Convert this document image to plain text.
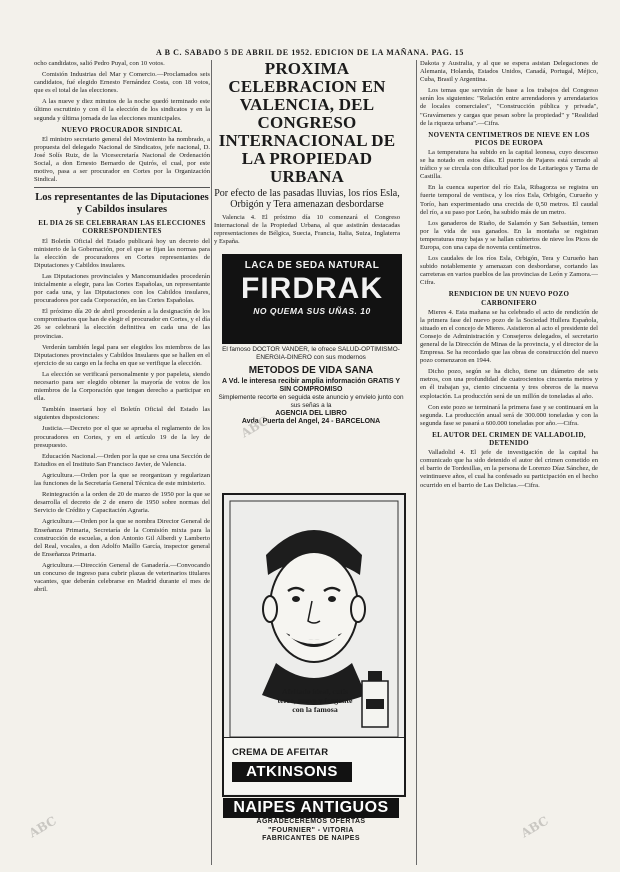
A B C. SABADO 5 DE ABRIL DE 1952. EDICION DE LA MAÑANA. PAG. 15

ocho candidatos, salió Pedro Puyal, con 10 votos.

Comisión Industrias del Mar y Comercio.—Proclamados seis candidatos, fué elegido Ernesto Fernández Costa, con 18 votos, que es el total de las elecciones.

A las nueve y diez minutos de la noche quedó terminado este último escrutinio y con él la elección de los sindicatos y en la segunda y última jornada de las elecciones municipales.

NUEVO PROCURADOR SINDICAL

El ministro secretario general del Movimiento ha nombrado, a propuesta del delegado Nacional de Sindicatos, jefe nacional, D. José Solís Ruiz, de la Vicesecretaría Nacional de Ordenación Social, a don Ernesto Bernardo de Quirós, el cual, por este motivo, pasa a ser procurador en Cortes por la Organización Sindical.

Los representantes de las Diputaciones y Cabildos insulares
EL DIA 26 SE CELEBRARAN LAS ELECCIONES CORRESPONDIENTES

El Boletín Oficial del Estado publicará hoy un decreto del ministerio de la Gobernación, por el que se fijan las normas para la elección de procuradores en Cortes representantes de Diputaciones y Cabildos insulares.

Las Diputaciones provinciales y Mancomunidades procederán inicialmente a elegir, para las Cortes Españolas, un representante por cada una, y las Diputaciones con los Cabildos insulares, procuradores por cada Corporación, en las Cortes Españolas.

El próximo día 20 de abril procederán a la designación de los compromisarios que han de elegir el procurador en Cortes, y el día 26 se celebrará la elección definitiva en cada una de las provincias.

Verderán también legal para ser elegidos los miembros de las Diputaciones provinciales y Cabildos Insulares que se hallen en el ejercicio de su cargo en la fecha en que se verifique la elección.

La elección se verificará personalmente y por papeleta, siendo necesario para ser elegido obtener la mayoría de votos de los miembros de la Corporación que tengan derecho a participar en ella.

También insertará hoy el Boletín Oficial del Estado las siguientes disposiciones:

Justicia.—Decreto por el que se aprueba el reglamento de los procuradores en Cortes, y en el artículo 19 de la ley de presupuesto.

Educación Nacional.—Orden por la que se crea una Sección de Estudios en el Instituto San Francisco Javier, de Valencia.

Agricultura.—Orden por la que se reorganizan y regularizan las funciones de la Secretaría General Técnica de este ministerio.

Reintegración a la orden de 20 de marzo de 1950 por la que se desarrolla el decreto de 2 de enero de 1950 sobre normas del Servicio de Crédito y Capacitación Agraria.

Agricultura.—Orden por la que se nombra Director General de Enseñanza Primaria, Secretaría de la Comisión mixta para la construcción de escuelas, a don Antonio Gil Alberdi y Lamberto del Real, vocales, a don Adolfo Maíllo García, inspector general de Enseñanza Primaria.

Agricultura.—Dirección General de Ganadería.—Convocando un concurso de ingreso para cubrir plazas de veterinarios titulares vacantes, que deberán celebrarse en Madrid durante el mes de abril.

PROXIMA CELEBRACION EN VALENCIA, DEL CONGRESO INTERNACIONAL DE LA PROPIEDAD URBANA
Por efecto de las pasadas lluvias, los ríos Esla, Orbigón y Tera amenazan desbordarse

Valencia 4. El próximo día 10 comenzará el Congreso Internacional de la Propiedad Urbana, al que asistirán destacadas representaciones de Bélgica, Suecia, Francia, Italia, Suiza, Inglaterra y España.

LACA DE SEDA NATURAL
FIRDRAK
NO QUEMA SUS UÑAS. 10
El famoso DOCTOR VANDER, le ofrece SALUD-OPTIMISMO-ENERGIA-DINERO con sus modernos
METODOS DE VIDA SANA
A Vd. le interesa recibir amplia información GRATIS Y SIN COMPROMISO
Simplemente recorte en seguida este anuncio y envíelo junto con sus señas a la
AGENCIA DEL LIBRO
Avda. Puerta del Angel, 24 - BARCELONA
Afeitado ideal, cutis terso, suave y fragante con la famosa
CREMA DE AFEITAR
ATKINSONS
NAIPES ANTIGUOS
AGRADECEREMOS OFERTAS
"FOURNIER" - VITORIA
FABRICANTES DE NAIPES

Dakota y Australia, y al que se espera asistan Delegaciones de Alemania, Holanda, Estados Unidos, Canadá, Portugal, Méjico, Cuba, Brasil y Argentina.

Los temas que servirán de base a los trabajos del Congreso serán los siguientes: "Relación entre arrendadores y arrendatarios de locales comerciales", "Construcción pública y privada", "Gravámenes y cargas que pesan sobre la propiedad" y "Realidad de la riqueza urbana".—Cifra.

NOVENTA CENTIMETROS DE NIEVE EN LOS PICOS DE EUROPA

La temperatura ha subido en la capital leonesa, cuyo descenso se ha notado en estos días. El puerto de Pajares está cerrado al tráfico y se circula con dificultad por los de Leitariegos y Tarna de Castilla.

En la cuenca superior del río Esla, Ribagorza se registra un fuerte temporal de ventisca, y los ríos Esla, Orbigón, Curueño y Torío, han experimentado una crecida de 0,50 metros. El caudal del río, a su paso por León, ha subido más de un metro.

Los ganaderos de Riaño, de Salamón y San Sebastián, temen por la vida de sus ganados. En la montaña se registran temperaturas muy bajas y se hallan cubiertos de nieve los Picos de Europa, con una capa de noventa centímetros.

Los caudales de los ríos Esla, Orbigón, Tera y Curueño han subido notablemente y amenazan con desbordarse, cortando las carreteras en varios pueblos de las provincias de León y Zamora.—Cifra.

RENDICION DE UN NUEVO POZO CARBONIFERO

Mieres 4. Esta mañana se ha celebrado el acto de rendición de la primera fase del nuevo pozo de la Sociedad Hullera Española, situado en el concejo de Mieres. Asistieron al acto el presidente del Consejo de Administración y Consejeros delegados, el secretario general de la Dirección de Minas de la provincia, y el director de la Empresa. Se ha recordado que las obras de construcción del nuevo pozo comenzaron en 1944.

Dicho pozo, según se ha dicho, tiene un diámetro de seis metros, con una profundidad de cuatrocientos cincuenta metros y en él trabajan ya, ciento cincuenta y tres obreros de la nueva explotación. La producción será de un millón de toneladas al año.

Con este pozo se terminará la primera fase y se continuará en la segunda. La producción anual será de 300.000 toneladas y con la segunda fase se pasará a 600.000 toneladas por año.—Cifra.

EL AUTOR DEL CRIMEN DE VALLADOLID, DETENIDO

Valladolid 4. El jefe de investigación de la capital ha comunicado que ha sido detenido el autor del crimen cometido en el barrio de Tordesillas, en la persona de Lorenzo Díaz Sánchez, de veintinueve años, el cual ha confesado su participación en el hecho ocurrido en el barrio de Las Delicias.—Cifra.

ABC
ABC
ABC
